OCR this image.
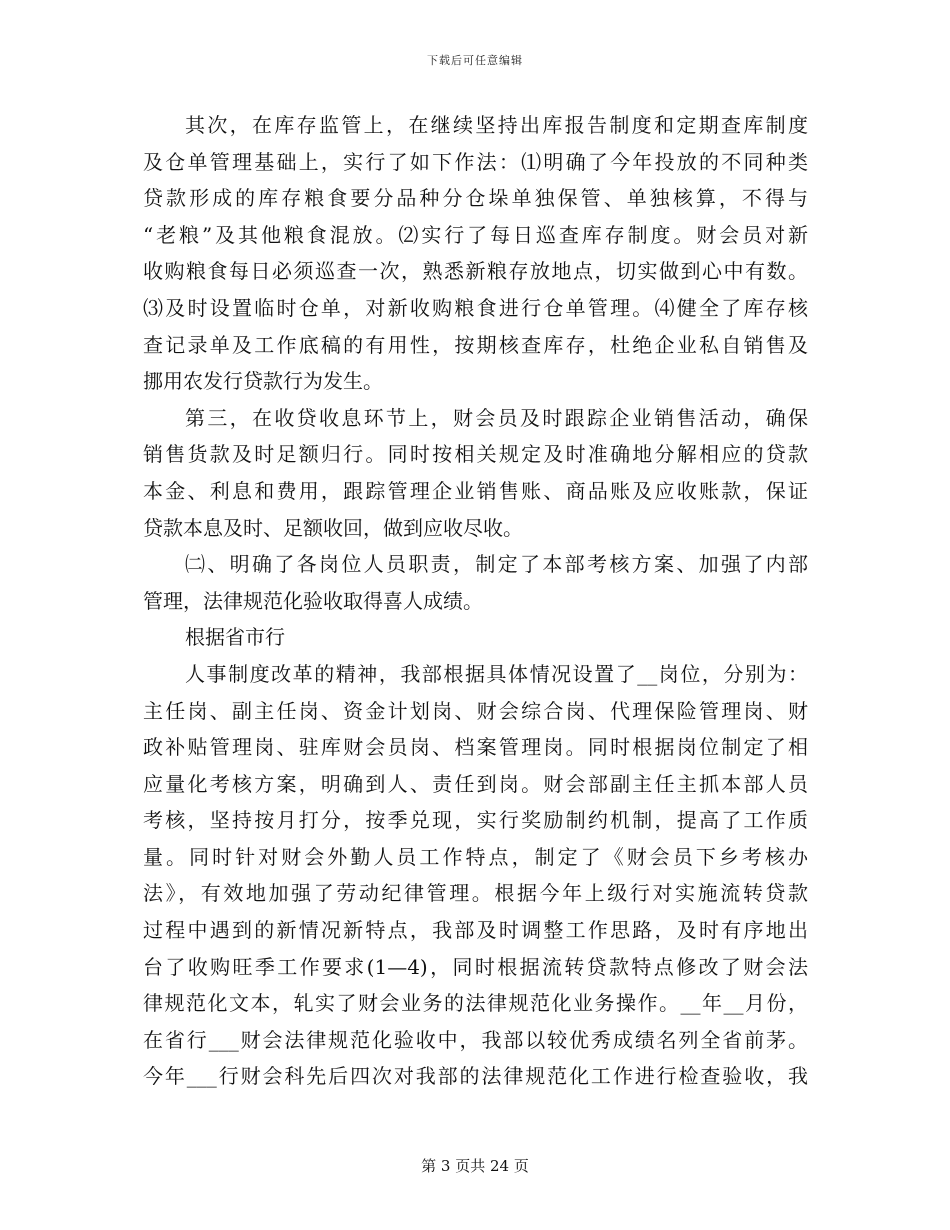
下载后可任意编辑
其次，在库存监管上，在继续坚持出库报告制度和定期查库制度
及仓单管理基础上，实行了如下作法：⑴明确了今年投放的不同种类
贷款形成的库存粮食要分品种分仓垛单独保管、单独核算，不得与
“老粮”及其他粮食混放。⑵实行了每日巡查库存制度。财会员对新
收购粮食每日必须巡查一次，熟悉新粮存放地点，切实做到心中有数。
⑶及时设置临时仓单，对新收购粮食进行仓单管理。⑷健全了库存核
查记录单及工作底稿的有用性，按期核查库存，杜绝企业私自销售及
挪用农发行贷款行为发生。
第三，在收贷收息环节上，财会员及时跟踪企业销售活动，确保
销售货款及时足额归行。同时按相关规定及时准确地分解相应的贷款
本金、利息和费用，跟踪管理企业销售账、商品账及应收账款，保证
贷款本息及时、足额收回，做到应收尽收。
㈡、明确了各岗位人员职责，制定了本部考核方案、加强了内部
管理，法律规范化验收取得喜人成绩。
根据省市行
人事制度改革的精神，我部根据具体情况设置了__岗位，分别为：
主任岗、副主任岗、资金计划岗、财会综合岗、代理保险管理岗、财
政补贴管理岗、驻库财会员岗、档案管理岗。同时根据岗位制定了相
应量化考核方案，明确到人、责任到岗。财会部副主任主抓本部人员
考核，坚持按月打分，按季兑现，实行奖励制约机制，提高了工作质
量。同时针对财会外勤人员工作特点，制定了《财会员下乡考核办
法》，有效地加强了劳动纪律管理。根据今年上级行对实施流转贷款
过程中遇到的新情况新特点，我部及时调整工作思路，及时有序地出
台了收购旺季工作要求(1—4)，同时根据流转贷款特点修改了财会法
律规范化文本，轧实了财会业务的法律规范化业务操作。__年__月份，
在省行___财会法律规范化验收中，我部以较优秀成绩名列全省前茅。
今年___行财会科先后四次对我部的法律规范化工作进行检查验收，我
第 3 页共 24 页
